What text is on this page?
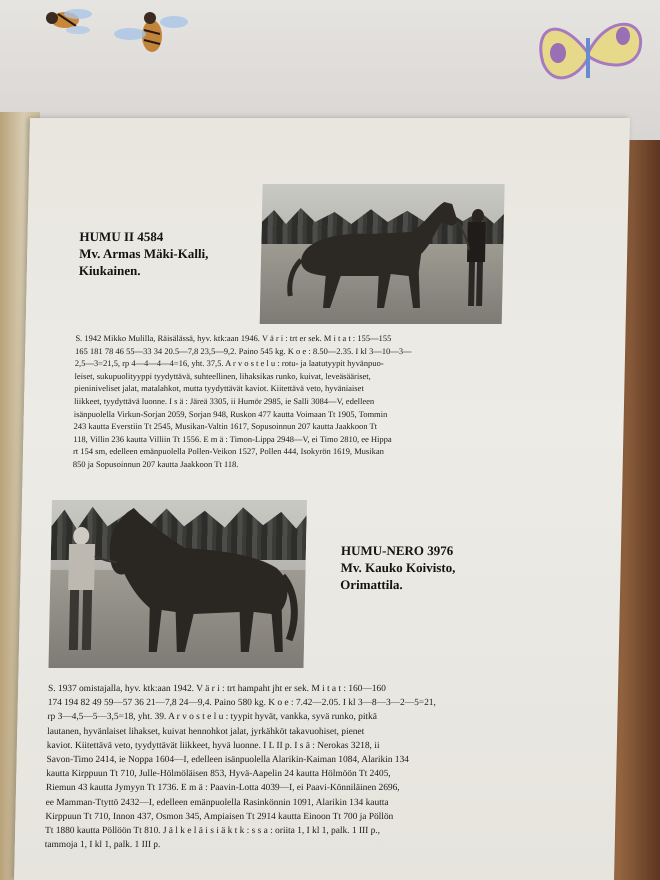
HUMU II 4584
Mv. Armas Mäki-Kalli,
Kiukainen.
S. 1942 Mikko Mulilla, Räisälässä, hyv. ktk:aan 1946. V ä r i : trt er sek. M i t a t : 155—155
165 181 78 46 55—33 34 20.5—7,8 23,5—9,2. Paino 545 kg. K o e : 8.50—2.35. I kl 3—10—3—
2,5—3=21,5, rp 4—4—4—4=16, yht. 37,5. A r v o s t e l u : rotu- ja laatutyypit hyvänpuo-
leiset, sukupuolityyppi tyydyttävä, suhteellinen, lihaksikas runko, kuivat, leveäsääriset,
pieniniveliset jalat, matalahkot, mutta tyydyttävät kaviot. Kiitettävä veto, hyväniaiset
liikkeet, tyydyttävä luonne. I s ä : Järeä 3305, ii Humör 2985, ie Salli 3084—V, edelleen
isänpuolella Virkun-Sorjan 2059, Sorjan 948, Ruskon 477 kautta Voimaan Tt 1905, Tommin
243 kautta Everstiin Tt 2545, Musikan-Valtin 1617, Sopusoinnun 207 kautta Jaakkoon Tt
118, Villin 236 kautta Villiin Tt 1556. E m ä : Timon-Lippa 2948—V, ei Timo 2810, ee Hippa
rt 154 sm, edelleen emänpuolella Pollen-Veikon 1527, Pollen 444, Isokyrön 1619, Musikan
850 ja Sopusoinnun 207 kautta Jaakkoon Tt 118.
HUMU-NERO 3976
Mv. Kauko Koivisto,
Orimattila.
S. 1937 omistajalla, hyv. ktk:aan 1942. V ä r i : trt hampaht jht er sek. M i t a t : 160—160
174 194 82 49 59—57 36 21—7,8 24—9,4. Paino 580 kg. K o e : 7.42—2.05. I kl 3—8—3—2—5=21,
rp 3—4,5—5—3,5=18, yht. 39. A r v o s t e l u : tyypit hyvät, vankka, syvä runko, pitkä
lautanen, hyvänlaiset lihakset, kuivat hennohkot jalat, jyrkähköt takavuohiset, pienet
kaviot. Kiitettävä veto, tyydyttävät liikkeet, hyvä luonne. I L II p. I s ä : Nerokas 3218, ii
Savon-Timo 2414, ie Noppa 1604—I, edelleen isänpuolella Alarikin-Kaiman 1084, Alarikin 134
kautta Kirppuun Tt 710, Julle-Hölmöläisen 853, Hyvä-Aapelin 24 kautta Hölmöön Tt 2405,
Riemun 43 kautta Jymyyn Tt 1736. E m ä : Paavin-Lotta 4039—I, ei Paavi-Könniläinen 2696,
ee Mamman-Ttyttö 2432—I, edelleen emänpuolella Rasinkönnin 1091, Alarikin 134 kautta
Kirppuun Tt 710, Innon 437, Osmon 345, Ampiaisen Tt 2914 kautta Einoon Tt 700 ja Pöllön
Tt 1880 kautta Pöllöön Tt 810. J ä l k e l ä i s i ä k t k : s s a : oriita 1, I kl 1, palk. 1 III p.,
tammoja 1, I kl 1, palk. 1 III p.
